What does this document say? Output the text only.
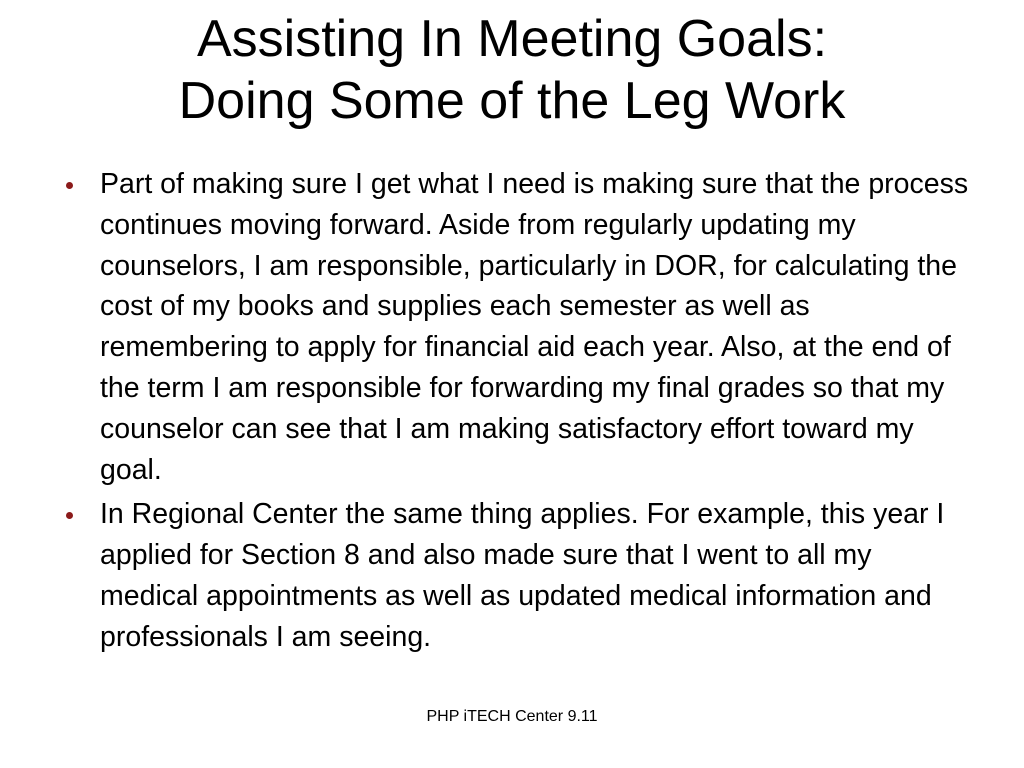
Assisting In Meeting Goals:
Doing Some of the Leg Work
Part of making sure I get what I need is making sure that the process continues moving forward. Aside from regularly updating my counselors, I am responsible, particularly in DOR, for calculating the cost of my books and supplies each semester as well as remembering to apply for financial aid each year. Also, at the end of the term I am responsible for forwarding my final grades so that my counselor can see that I am making satisfactory effort toward my goal.
In Regional Center the same thing applies. For example, this year I applied for Section 8 and also made sure that I went to all my medical appointments as well as updated medical information and professionals I am seeing.
PHP iTECH Center 9.11
